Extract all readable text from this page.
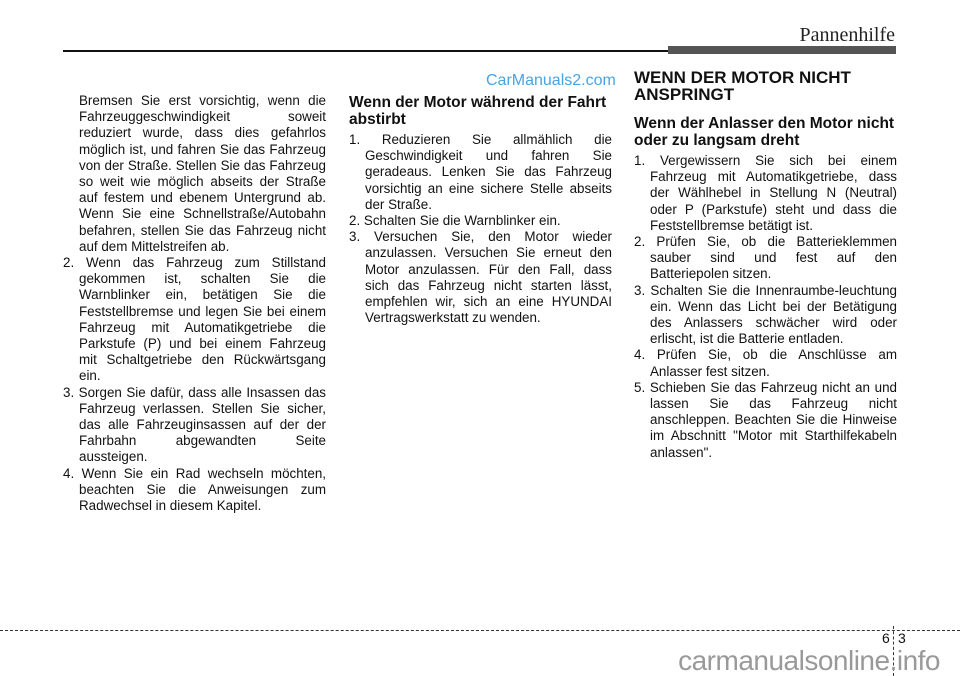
Pannenhilfe

Bremsen Sie erst vorsichtig, wenn die Fahrzeuggeschwindigkeit soweit reduziert wurde, dass dies gefahrlos möglich ist, und fahren Sie das Fahrzeug von der Straße. Stellen Sie das Fahrzeug so weit wie möglich abseits der Straße auf festem und ebenem Untergrund ab. Wenn Sie eine Schnellstraße/Autobahn befahren, stellen Sie das Fahrzeug nicht auf dem Mittelstreifen ab.

2. Wenn das Fahrzeug zum Stillstand gekommen ist, schalten Sie die Warnblinker ein, betätigen Sie die Feststellbremse und legen Sie bei einem Fahrzeug mit Automatikgetriebe die Parkstufe (P) und bei einem Fahrzeug mit Schaltgetriebe den Rückwärtsgang ein.

3. Sorgen Sie dafür, dass alle Insassen das Fahrzeug verlassen. Stellen Sie sicher, das alle Fahrzeuginsassen auf der der Fahrbahn abgewandten Seite aussteigen.

4. Wenn Sie ein Rad wechseln möchten, beachten Sie die Anweisungen zum Radwechsel in diesem Kapitel.

Wenn der Motor während der Fahrt abstirbt

1. Reduzieren Sie allmählich die Geschwindigkeit und fahren Sie geradeaus. Lenken Sie das Fahrzeug vorsichtig an eine sichere Stelle abseits der Straße.

2. Schalten Sie die Warnblinker ein.

3. Versuchen Sie, den Motor wieder anzulassen. Versuchen Sie erneut den Motor anzulassen. Für den Fall, dass sich das Fahrzeug nicht starten lässt, empfehlen wir, sich an eine HYUNDAI Vertragswerkstatt zu wenden.

WENN DER MOTOR NICHT ANSPRINGT
Wenn der Anlasser den Motor nicht oder zu langsam dreht

1. Vergewissern Sie sich bei einem Fahrzeug mit Automatikgetriebe, dass der Wählhebel in Stellung N (Neutral) oder P (Parkstufe) steht und dass die Feststellbremse betätigt ist.

2. Prüfen Sie, ob die Batterieklemmen sauber sind und fest auf den Batteriepolen sitzen.

3. Schalten Sie die Innenraumbe-leuchtung ein. Wenn das Licht bei der Betätigung des Anlassers schwächer wird oder erlischt, ist die Batterie entladen.

4. Prüfen Sie, ob die Anschlüsse am Anlasser fest sitzen.

5. Schieben Sie das Fahrzeug nicht an und lassen Sie das Fahrzeug nicht anschleppen. Beachten Sie die Hinweise im Abschnitt "Motor mit Starthilfekabeln anlassen".

CarManuals2.com
6 3
carmanualsonline.info
